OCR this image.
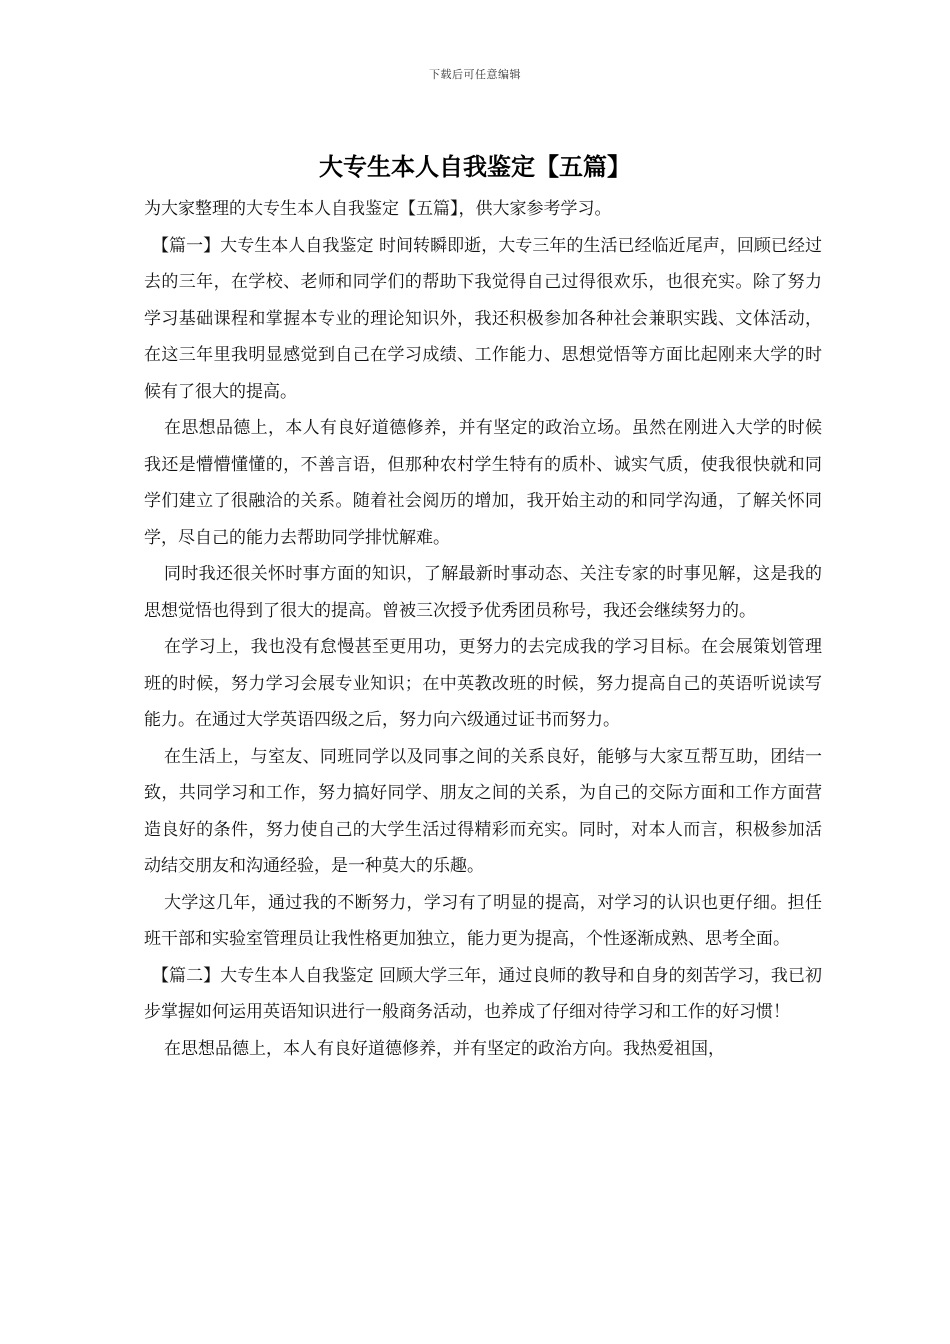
下载后可任意编辑
大专生本人自我鉴定【五篇】

为大家整理的大专生本人自我鉴定【五篇】，供大家参考学习。

【篇一】大专生本人自我鉴定 时间转瞬即逝，大专三年的生活已经临近尾声，回顾已经过去的三年，在学校、老师和同学们的帮助下我觉得自己过得很欢乐，也很充实。除了努力学习基础课程和掌握本专业的理论知识外，我还积极参加各种社会兼职实践、文体活动，在这三年里我明显感觉到自己在学习成绩、工作能力、思想觉悟等方面比起刚来大学的时候有了很大的提高。

在思想品德上，本人有良好道德修养，并有坚定的政治立场。虽然在刚进入大学的时候我还是懵懵懂懂的，不善言语，但那种农村学生特有的质朴、诚实气质，使我很快就和同学们建立了很融洽的关系。随着社会阅历的增加，我开始主动的和同学沟通，了解关怀同学，尽自己的能力去帮助同学排忧解难。

同时我还很关怀时事方面的知识，了解最新时事动态、关注专家的时事见解，这是我的思想觉悟也得到了很大的提高。曾被三次授予优秀团员称号，我还会继续努力的。

在学习上，我也没有怠慢甚至更用功，更努力的去完成我的学习目标。在会展策划管理班的时候，努力学习会展专业知识；在中英教改班的时候，努力提高自己的英语听说读写能力。在通过大学英语四级之后，努力向六级通过证书而努力。

在生活上，与室友、同班同学以及同事之间的关系良好，能够与大家互帮互助，团结一致，共同学习和工作，努力搞好同学、朋友之间的关系，为自己的交际方面和工作方面营造良好的条件，努力使自己的大学生活过得精彩而充实。同时，对本人而言，积极参加活动结交朋友和沟通经验，是一种莫大的乐趣。

大学这几年，通过我的不断努力，学习有了明显的提高，对学习的认识也更仔细。担任班干部和实验室管理员让我性格更加独立，能力更为提高，个性逐渐成熟、思考全面。

【篇二】大专生本人自我鉴定 回顾大学三年，通过良师的教导和自身的刻苦学习，我已初步掌握如何运用英语知识进行一般商务活动，也养成了仔细对待学习和工作的好习惯！

在思想品德上，本人有良好道德修养，并有坚定的政治方向。我热爱祖国，
